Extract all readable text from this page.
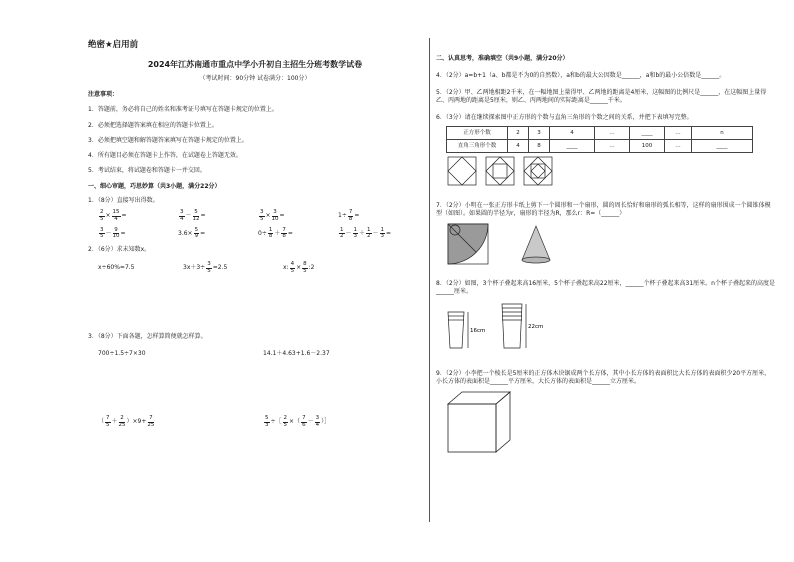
绝密★启用前
2024年江苏南通市重点中学小升初自主招生分班考数学试卷
（考试时间：90分钟 试卷满分：100分）
注意事项：
1．答题前，务必将自己的姓名和准考证号填写在答题卡规定的位置上。
2．必须把选择题答案填在相应的答题卡位置上。
3．必须把填空题和解答题答案填写在答题卡规定的位置上。
4．所有题目必须在答题卡上作答，在试题卷上答题无效。
5．考试结束，将试题卷和答题卡一并交回。
一、细心审题，巧思妙算（共3小题，满分22分）
1．（8分）直接写出得数。
$\frac{2}{5} \times \frac{15}{4}$ =	$\frac{3}{4} - \frac{5}{12}$ =	$\frac{3}{5} \times \frac{3}{10}$ =	$1\div \frac{7}{8}$ =
$\frac{3}{5} - \frac{9}{10}$ =	$3.6\times \frac{5}{9}$ =	$0\div \frac{1}{8} + \frac{7}{8}$ =	$\frac{1}{2} - \frac{1}{3} + \frac{1}{2} - \frac{1}{3}$ =
2．（6分）求未知数x。
x÷60%=7.5	$3x+3\div \frac{3}{5} =2.5$	x: $\frac{4}{5} \times \frac{8}{5}$ :2
3．（8分）下面各题，怎样算简便就怎样算。
700÷1.5÷7×30	14.1＋4.63+1.6－2.37
（ $\frac{7}{5} + \frac{2}{25} )\times 9+ \frac{7}{25}$	$\frac{5}{3}$ ÷［ $\frac{2}{5}$ ×（ $\frac{7}{6} - \frac{3}{4}$ ）］
二、认真思考，准确填空（共9小题，满分20分）
4．（2分）a=b+1（a、b都是不为0的自然数），a和b的最大公因数是______，a和b的最小公倍数是______。
5．（2分）甲、乙两地相距2千米，在一幅地图上量得甲、乙两地的距离是4厘米，这幅图的比例尺是______，在这幅图上量得乙、丙两地的距离是5厘米，则乙、丙两地间的实际距离是______千米。
6．（3分）请在继续探索图中正方形的个数与直角三角形的个数之间的关系，并把下表填写完整。
正方形个数	2	3	4	…	____	…	n
直角三角形个数	4	8	____	…	100	…	____
7．（2分）小明在一张正方形卡纸上剪下一个圆形和一个扇形，圆的周长恰好和扇形的弧长相等，这样的扇形围成一个圆锥体模型（如图）。如果圆的半径为r，扇形的半径为R，那么r：R=（______）
8．（2分）如图，3个杯子叠起来高16厘米，5个杯子叠起来高22厘米，______个杯子叠起来高31厘米。n个杯子叠起来的高度是______厘米。
16cm
22cm
9．（2分）小李把一个棱长是5厘米的正方体木块锯成两个长方体，其中小长方体的表面积比大长方体的表面积少20平方厘米，小长方体的表面积是______平方厘米，大长方体的表面积是______立方厘米。
